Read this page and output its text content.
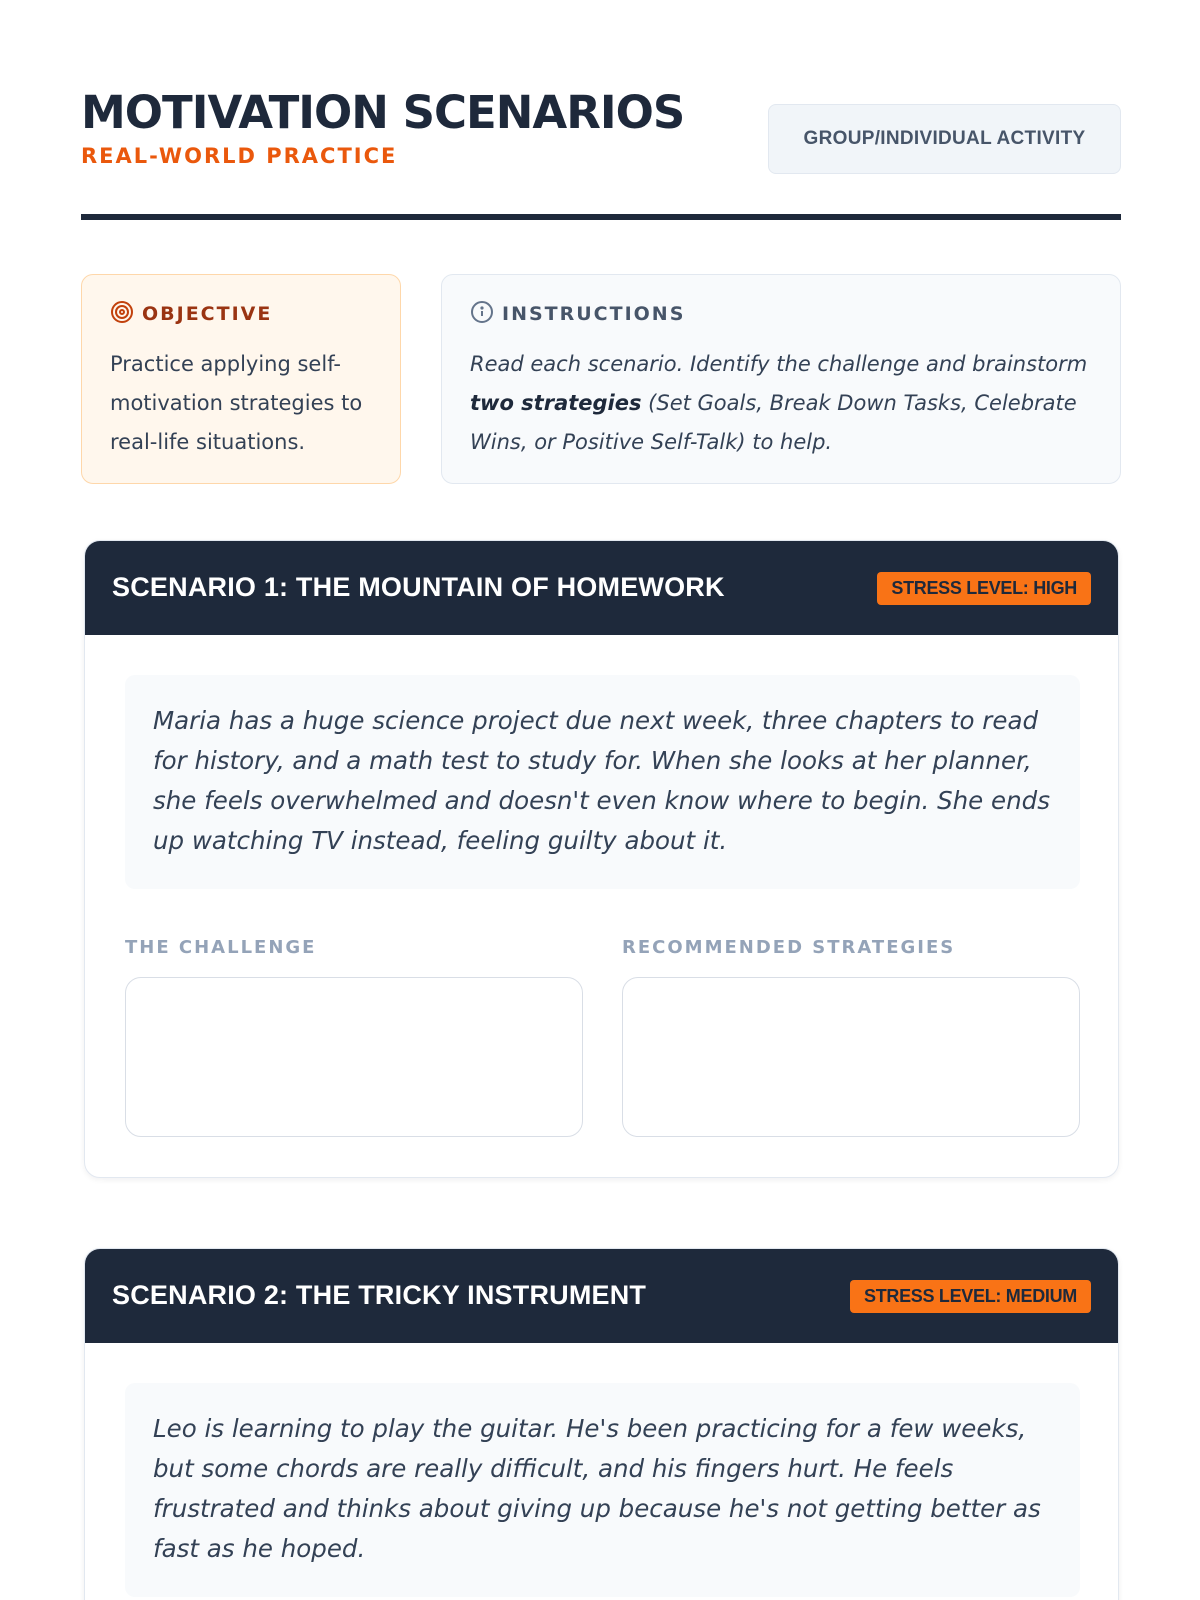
MOTIVATION SCENARIOS
REAL-WORLD PRACTICE
GROUP/INDIVIDUAL ACTIVITY
OBJECTIVE
Practice applying self-motivation strategies to real-life situations.
INSTRUCTIONS
Read each scenario. Identify the challenge and brainstorm two strategies (Set Goals, Break Down Tasks, Celebrate Wins, or Positive Self-Talk) to help.
SCENARIO 1: THE MOUNTAIN OF HOMEWORK	STRESS LEVEL: HIGH
Maria has a huge science project due next week, three chapters to read for history, and a math test to study for. When she looks at her planner, she feels overwhelmed and doesn't even know where to begin. She ends up watching TV instead, feeling guilty about it.
THE CHALLENGE	RECOMMENDED STRATEGIES
SCENARIO 2: THE TRICKY INSTRUMENT	STRESS LEVEL: MEDIUM
Leo is learning to play the guitar. He's been practicing for a few weeks, but some chords are really difficult, and his fingers hurt. He feels frustrated and thinks about giving up because he's not getting better as fast as he hoped.
